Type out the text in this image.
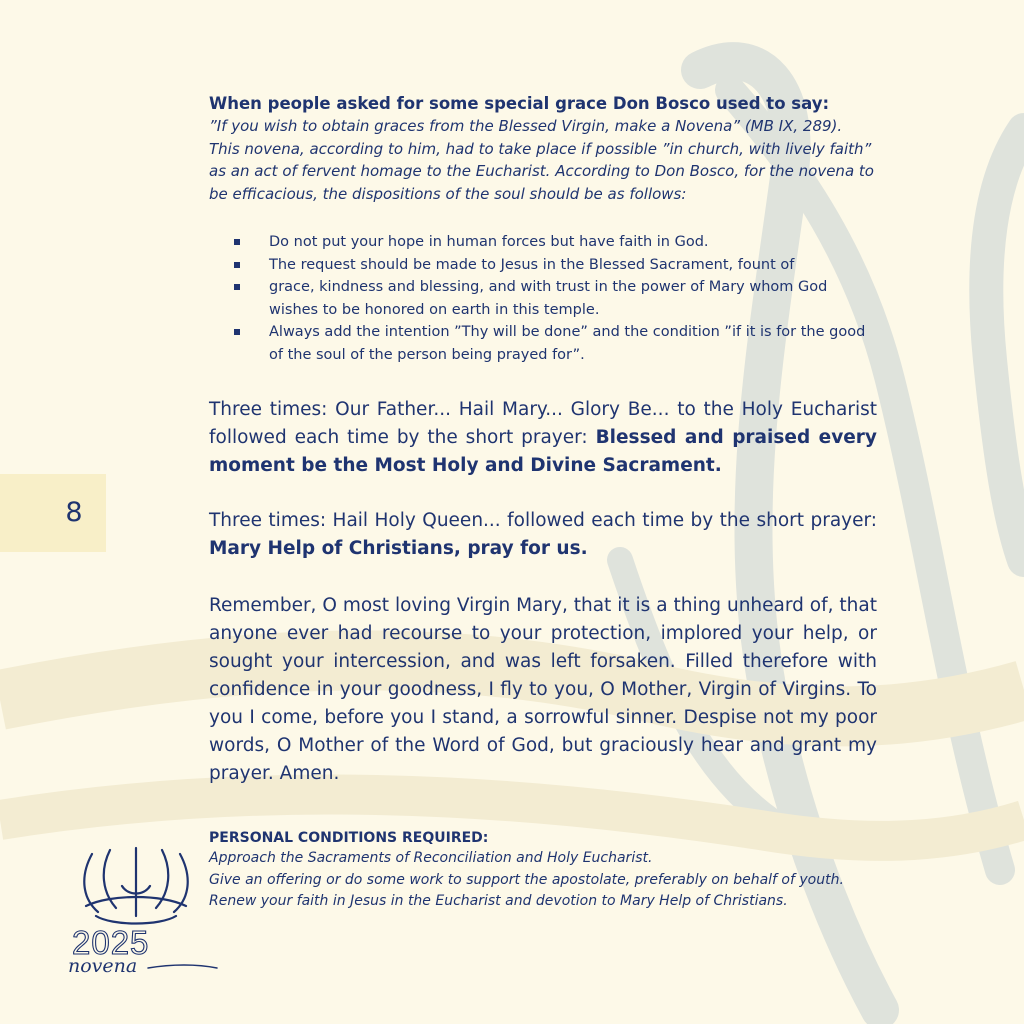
8

When people asked for some special grace Don Bosco used to say:

”If you wish to obtain graces from the Blessed Virgin, make a Novena” (MB IX, 289). This novena, according to him, had to take place if possible ”in church, with lively faith” as an act of fervent homage to the Eucharist. According to Don Bosco, for the novena to be efficacious, the dispositions of the soul should be as follows:

Do not put your hope in human forces but have faith in God.
The request should be made to Jesus in the Blessed Sacrament, fount of
grace, kindness and blessing, and with trust in the power of Mary whom God wishes to be honored on earth in this temple.
Always add the intention ”Thy will be done” and the condition ”if it is for the good of the soul of the person being prayed for”.

Three times: Our Father... Hail Mary... Glory Be... to the Holy Eucharist followed each time by the short prayer: Blessed and praised every moment be the Most Holy and Divine Sacrament.

Three times: Hail Holy Queen... followed each time by the short prayer: Mary Help of Christians, pray for us.

Remember, O most loving Virgin Mary, that it is a thing unheard of, that anyone ever had recourse to your protection, implored your help, or sought your intercession, and was left forsaken. Filled therefore with confidence in your goodness, I fly to you, O Mother, Virgin of Virgins. To you I come, before you I stand, a sorrowful sinner. Despise not my poor words, O Mother of the Word of God, but graciously hear and grant my prayer. Amen.

PERSONAL CONDITIONS REQUIRED:

Approach the Sacraments of Reconciliation and Holy Eucharist.

Give an offering or do some work to support the apostolate, preferably on behalf of youth.

Renew your faith in Jesus in the Eucharist and devotion to Mary Help of Christians.

2025
novena
